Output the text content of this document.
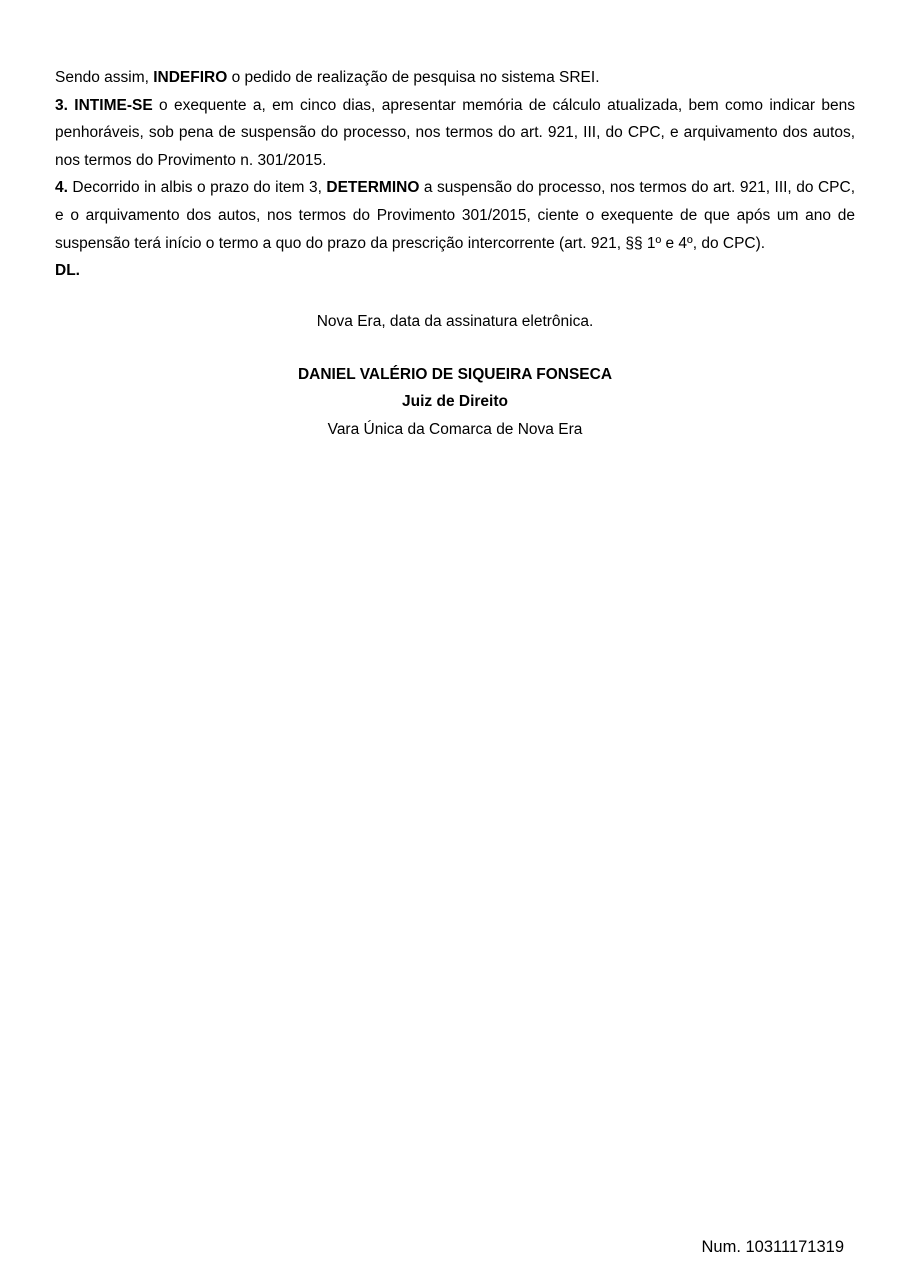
Sendo assim, INDEFIRO o pedido de realização de pesquisa no sistema SREI.

3. INTIME-SE o exequente a, em cinco dias, apresentar memória de cálculo atualizada, bem como indicar bens penhoráveis, sob pena de suspensão do processo, nos termos do art. 921, III, do CPC, e arquivamento dos autos, nos termos do Provimento n. 301/2015.

4. Decorrido in albis o prazo do item 3, DETERMINO a suspensão do processo, nos termos do art. 921, III, do CPC, e o arquivamento dos autos, nos termos do Provimento 301/2015, ciente o exequente de que após um ano de suspensão terá início o termo a quo do prazo da prescrição intercorrente (art. 921, §§ 1º e 4º, do CPC).

DL.

Nova Era, data da assinatura eletrônica.

DANIEL VALÉRIO DE SIQUEIRA FONSECA

Juiz de Direito

Vara Única da Comarca de Nova Era

Num. 10311171319
